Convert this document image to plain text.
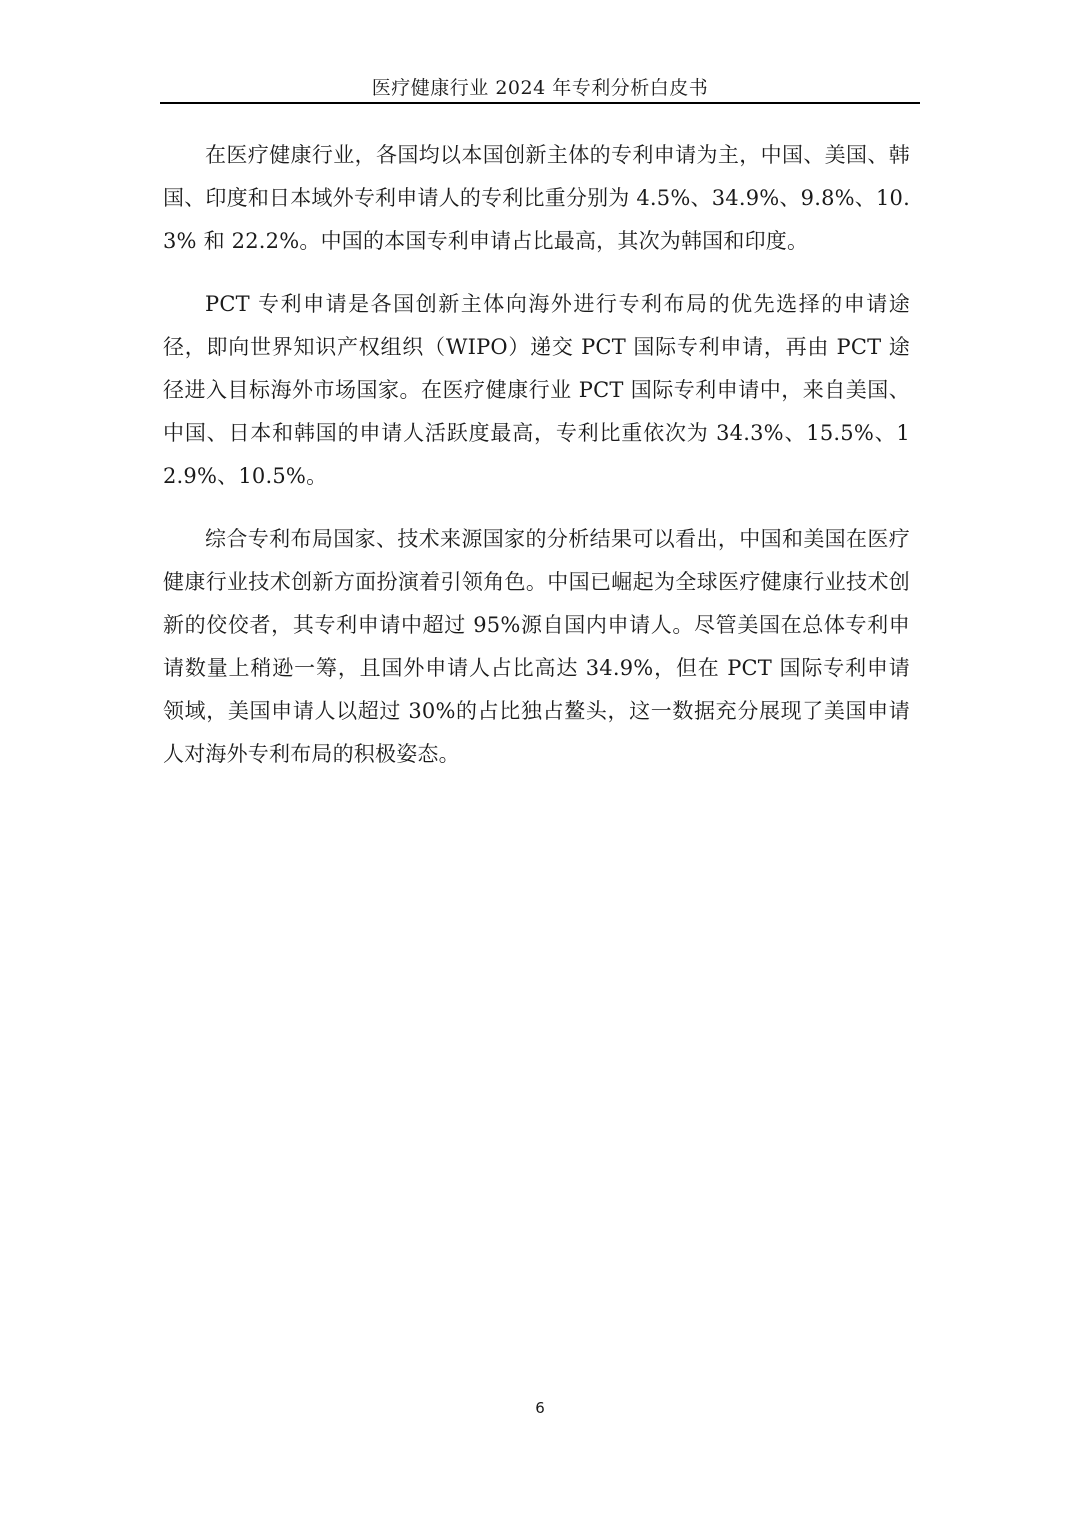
医疗健康行业 2024 年专利分析白皮书

在医疗健康行业，各国均以本国创新主体的专利申请为主，中国、美国、韩国、印度和日本域外专利申请人的专利比重分别为 4.5%、34.9%、9.8%、10.3% 和 22.2%。中国的本国专利申请占比最高，其次为韩国和印度。

PCT 专利申请是各国创新主体向海外进行专利布局的优先选择的申请途径，即向世界知识产权组织（WIPO）递交 PCT 国际专利申请，再由 PCT 途径进入目标海外市场国家。在医疗健康行业 PCT 国际专利申请中，来自美国、中国、日本和韩国的申请人活跃度最高，专利比重依次为 34.3%、15.5%、12.9%、10.5%。

综合专利布局国家、技术来源国家的分析结果可以看出，中国和美国在医疗健康行业技术创新方面扮演着引领角色。中国已崛起为全球医疗健康行业技术创新的佼佼者，其专利申请中超过 95%源自国内申请人。尽管美国在总体专利申请数量上稍逊一筹，且国外申请人占比高达 34.9%，但在 PCT 国际专利申请领域，美国申请人以超过 30%的占比独占鳌头，这一数据充分展现了美国申请人对海外专利布局的积极姿态。

6
